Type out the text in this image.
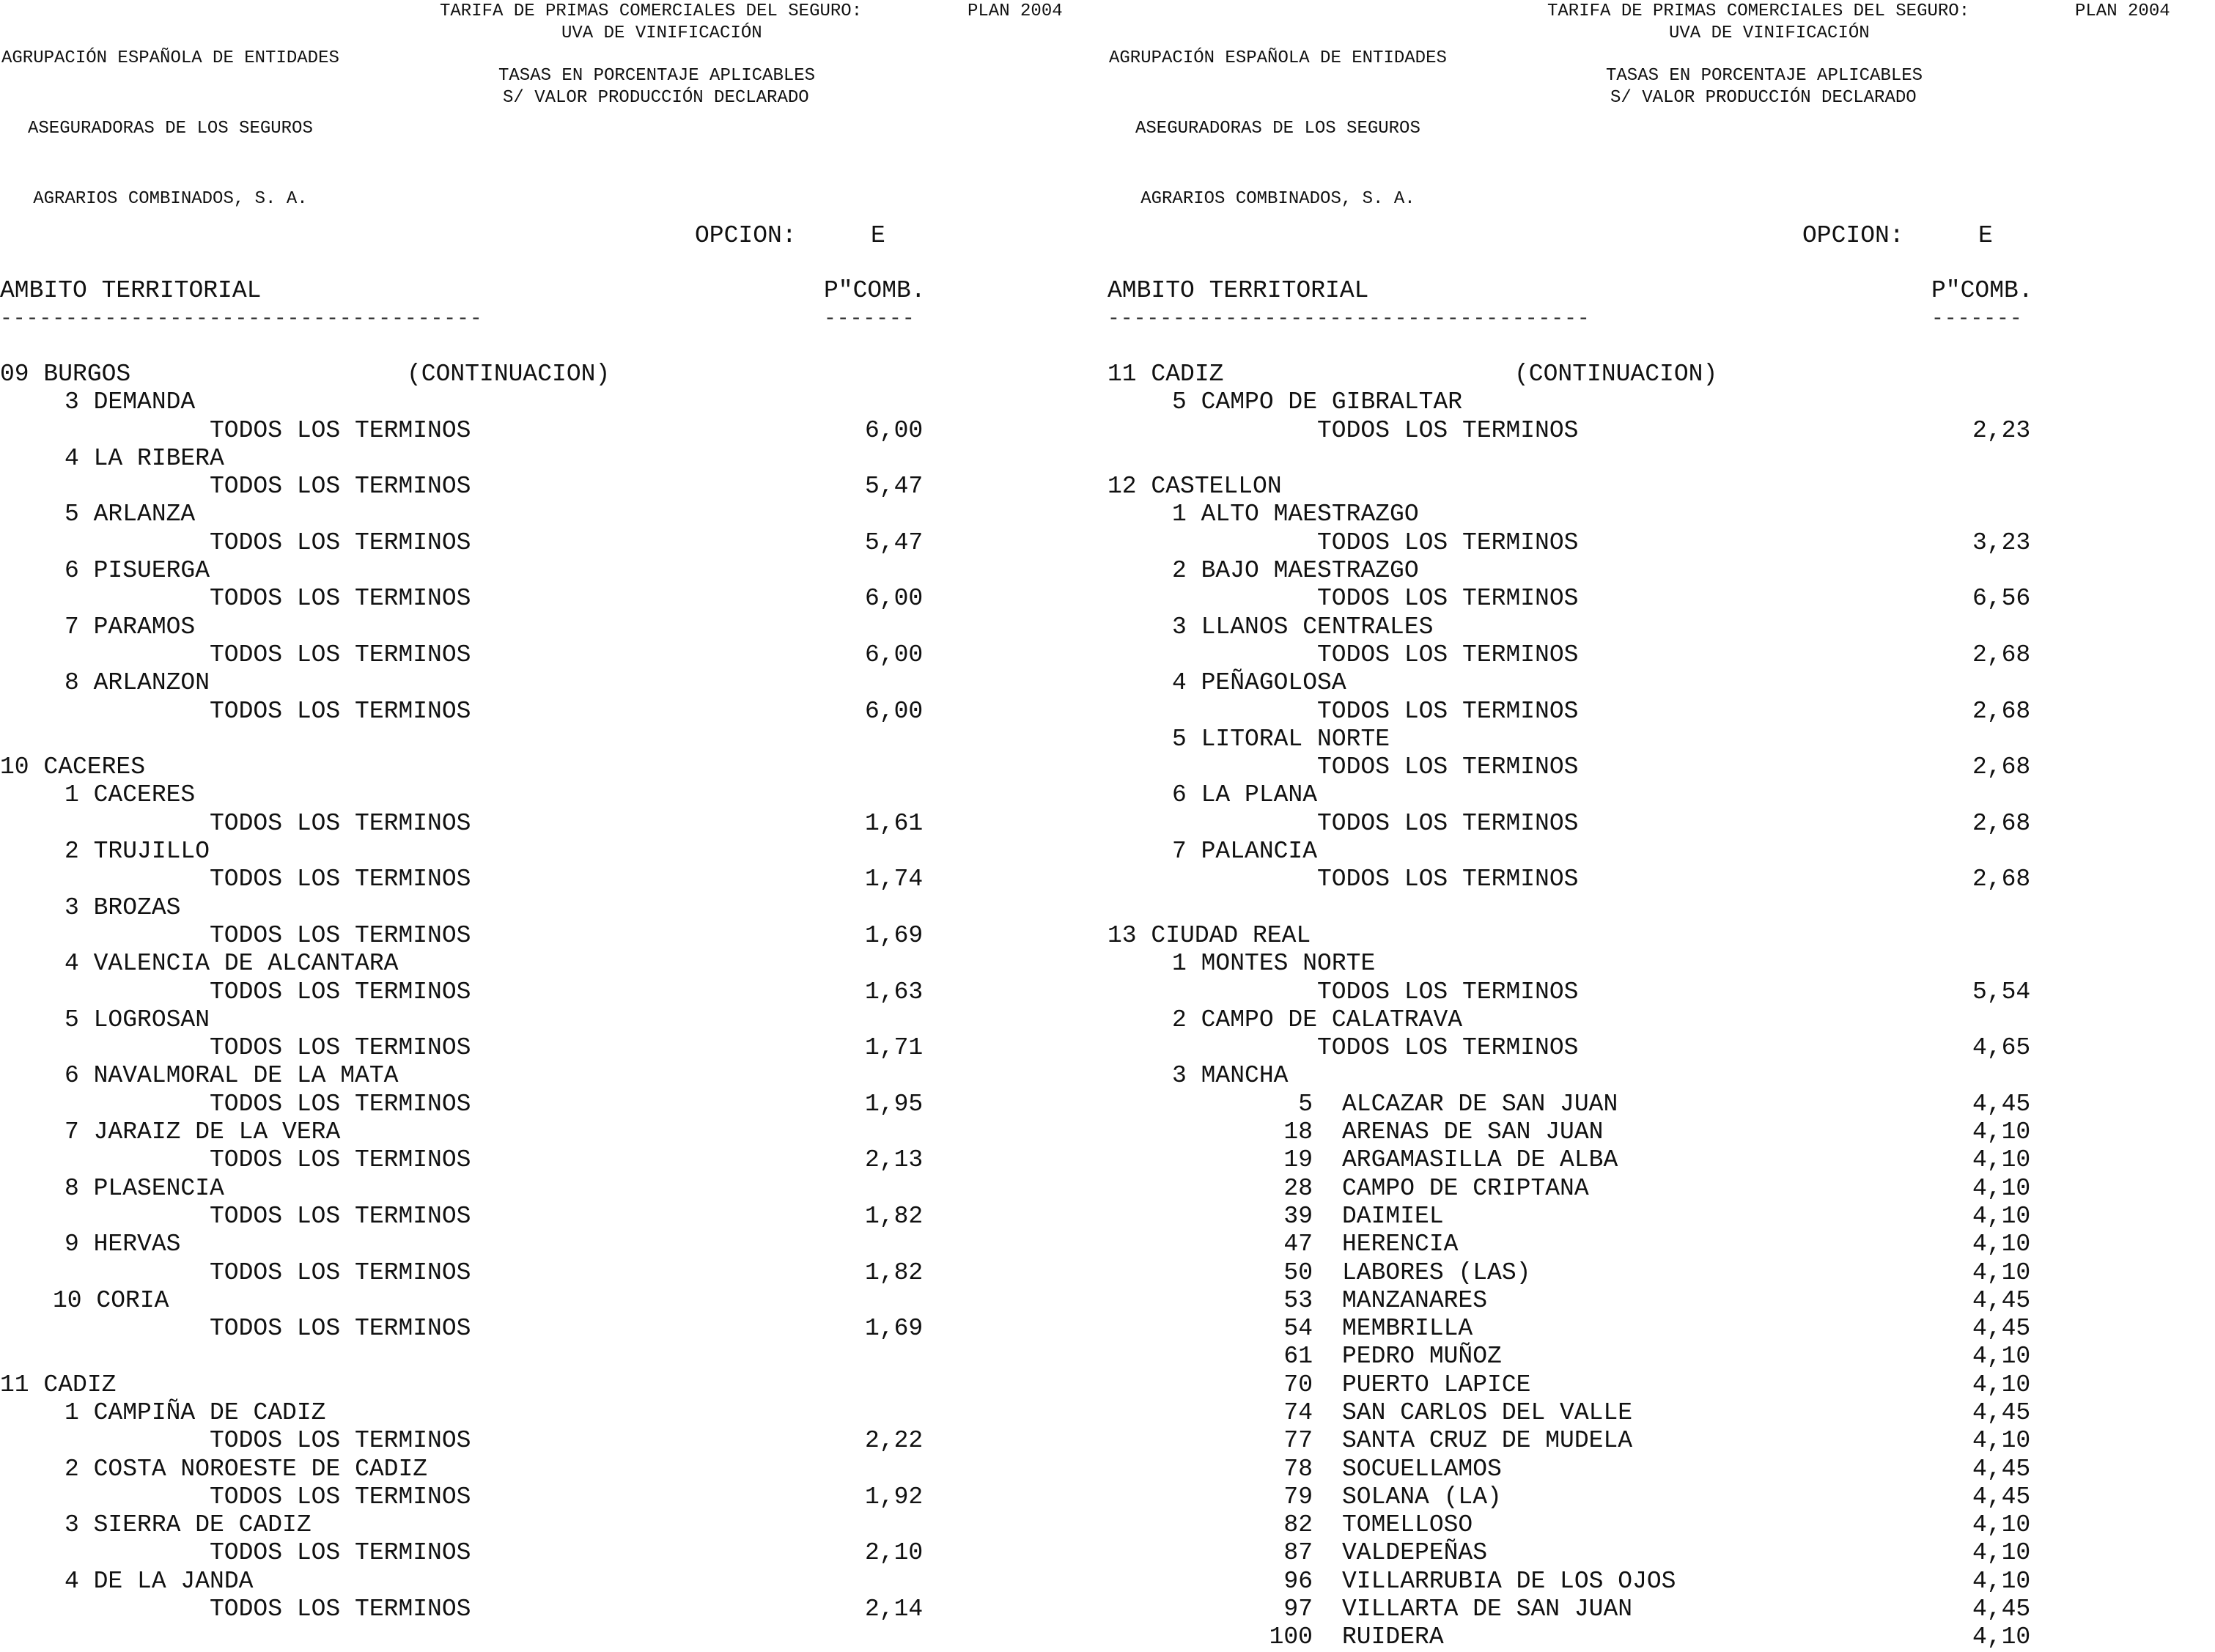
AGRUPACIÓN ESPAÑOLA DE ENTIDADES

ASEGURADORAS DE LOS SEGUROS

AGRARIOS COMBINADOS, S. A.

TARIFA DE PRIMAS COMERCIALES DEL SEGURO:
UVA DE VINIFICACIÓN
PLAN 2004
TASAS EN PORCENTAJE APLICABLES
S/ VALOR PRODUCCIÓN DECLARADO
OPCION:	E
AMBITO TERRITORIAL	P"COMB.
-------------------------------------	-------
09 BURGOS	(CONTINUACION)
3 DEMANDA
TODOS LOS TERMINOS	6,00
4 LA RIBERA
TODOS LOS TERMINOS	5,47
5 ARLANZA
TODOS LOS TERMINOS	5,47
6 PISUERGA
TODOS LOS TERMINOS	6,00
7 PARAMOS
TODOS LOS TERMINOS	6,00
8 ARLANZON
TODOS LOS TERMINOS	6,00
10 CACERES
1 CACERES
TODOS LOS TERMINOS	1,61
2 TRUJILLO
TODOS LOS TERMINOS	1,74
3 BROZAS
TODOS LOS TERMINOS	1,69
4 VALENCIA DE ALCANTARA
TODOS LOS TERMINOS	1,63
5 LOGROSAN
TODOS LOS TERMINOS	1,71
6 NAVALMORAL DE LA MATA
TODOS LOS TERMINOS	1,95
7 JARAIZ DE LA VERA
TODOS LOS TERMINOS	2,13
8 PLASENCIA
TODOS LOS TERMINOS	1,82
9 HERVAS
TODOS LOS TERMINOS	1,82
10 CORIA
TODOS LOS TERMINOS	1,69
11 CADIZ
1 CAMPIÑA DE CADIZ
TODOS LOS TERMINOS	2,22
2 COSTA NOROESTE DE CADIZ
TODOS LOS TERMINOS	1,92
3 SIERRA DE CADIZ
TODOS LOS TERMINOS	2,10
4 DE LA JANDA
TODOS LOS TERMINOS	2,14

AGRUPACIÓN ESPAÑOLA DE ENTIDADES

ASEGURADORAS DE LOS SEGUROS

AGRARIOS COMBINADOS, S. A.

TARIFA DE PRIMAS COMERCIALES DEL SEGURO:
UVA DE VINIFICACIÓN
PLAN 2004
TASAS EN PORCENTAJE APLICABLES
S/ VALOR PRODUCCIÓN DECLARADO
OPCION:	E
AMBITO TERRITORIAL	P"COMB.
-------------------------------------	-------
11 CADIZ	(CONTINUACION)
5 CAMPO DE GIBRALTAR
TODOS LOS TERMINOS	2,23
12 CASTELLON
1 ALTO MAESTRAZGO
TODOS LOS TERMINOS	3,23
2 BAJO MAESTRAZGO
TODOS LOS TERMINOS	6,56
3 LLANOS CENTRALES
TODOS LOS TERMINOS	2,68
4 PEÑAGOLOSA
TODOS LOS TERMINOS	2,68
5 LITORAL NORTE
TODOS LOS TERMINOS	2,68
6 LA PLANA
TODOS LOS TERMINOS	2,68
7 PALANCIA
TODOS LOS TERMINOS	2,68
13 CIUDAD REAL
1 MONTES NORTE
TODOS LOS TERMINOS	5,54
2 CAMPO DE CALATRAVA
TODOS LOS TERMINOS	4,65
3 MANCHA
5 ALCAZAR DE SAN JUAN	4,45
18 ARENAS DE SAN JUAN	4,10
19 ARGAMASILLA DE ALBA	4,10
28 CAMPO DE CRIPTANA	4,10
39 DAIMIEL	4,10
47 HERENCIA	4,10
50 LABORES (LAS)	4,10
53 MANZANARES	4,45
54 MEMBRILLA	4,45
61 PEDRO MUÑOZ	4,10
70 PUERTO LAPICE	4,10
74 SAN CARLOS DEL VALLE	4,45
77 SANTA CRUZ DE MUDELA	4,10
78 SOCUELLAMOS	4,45
79 SOLANA (LA)	4,45
82 TOMELLOSO	4,10
87 VALDEPEÑAS	4,10
96 VILLARRUBIA DE LOS OJOS	4,10
97 VILLARTA DE SAN JUAN	4,45
100 RUIDERA	4,10
